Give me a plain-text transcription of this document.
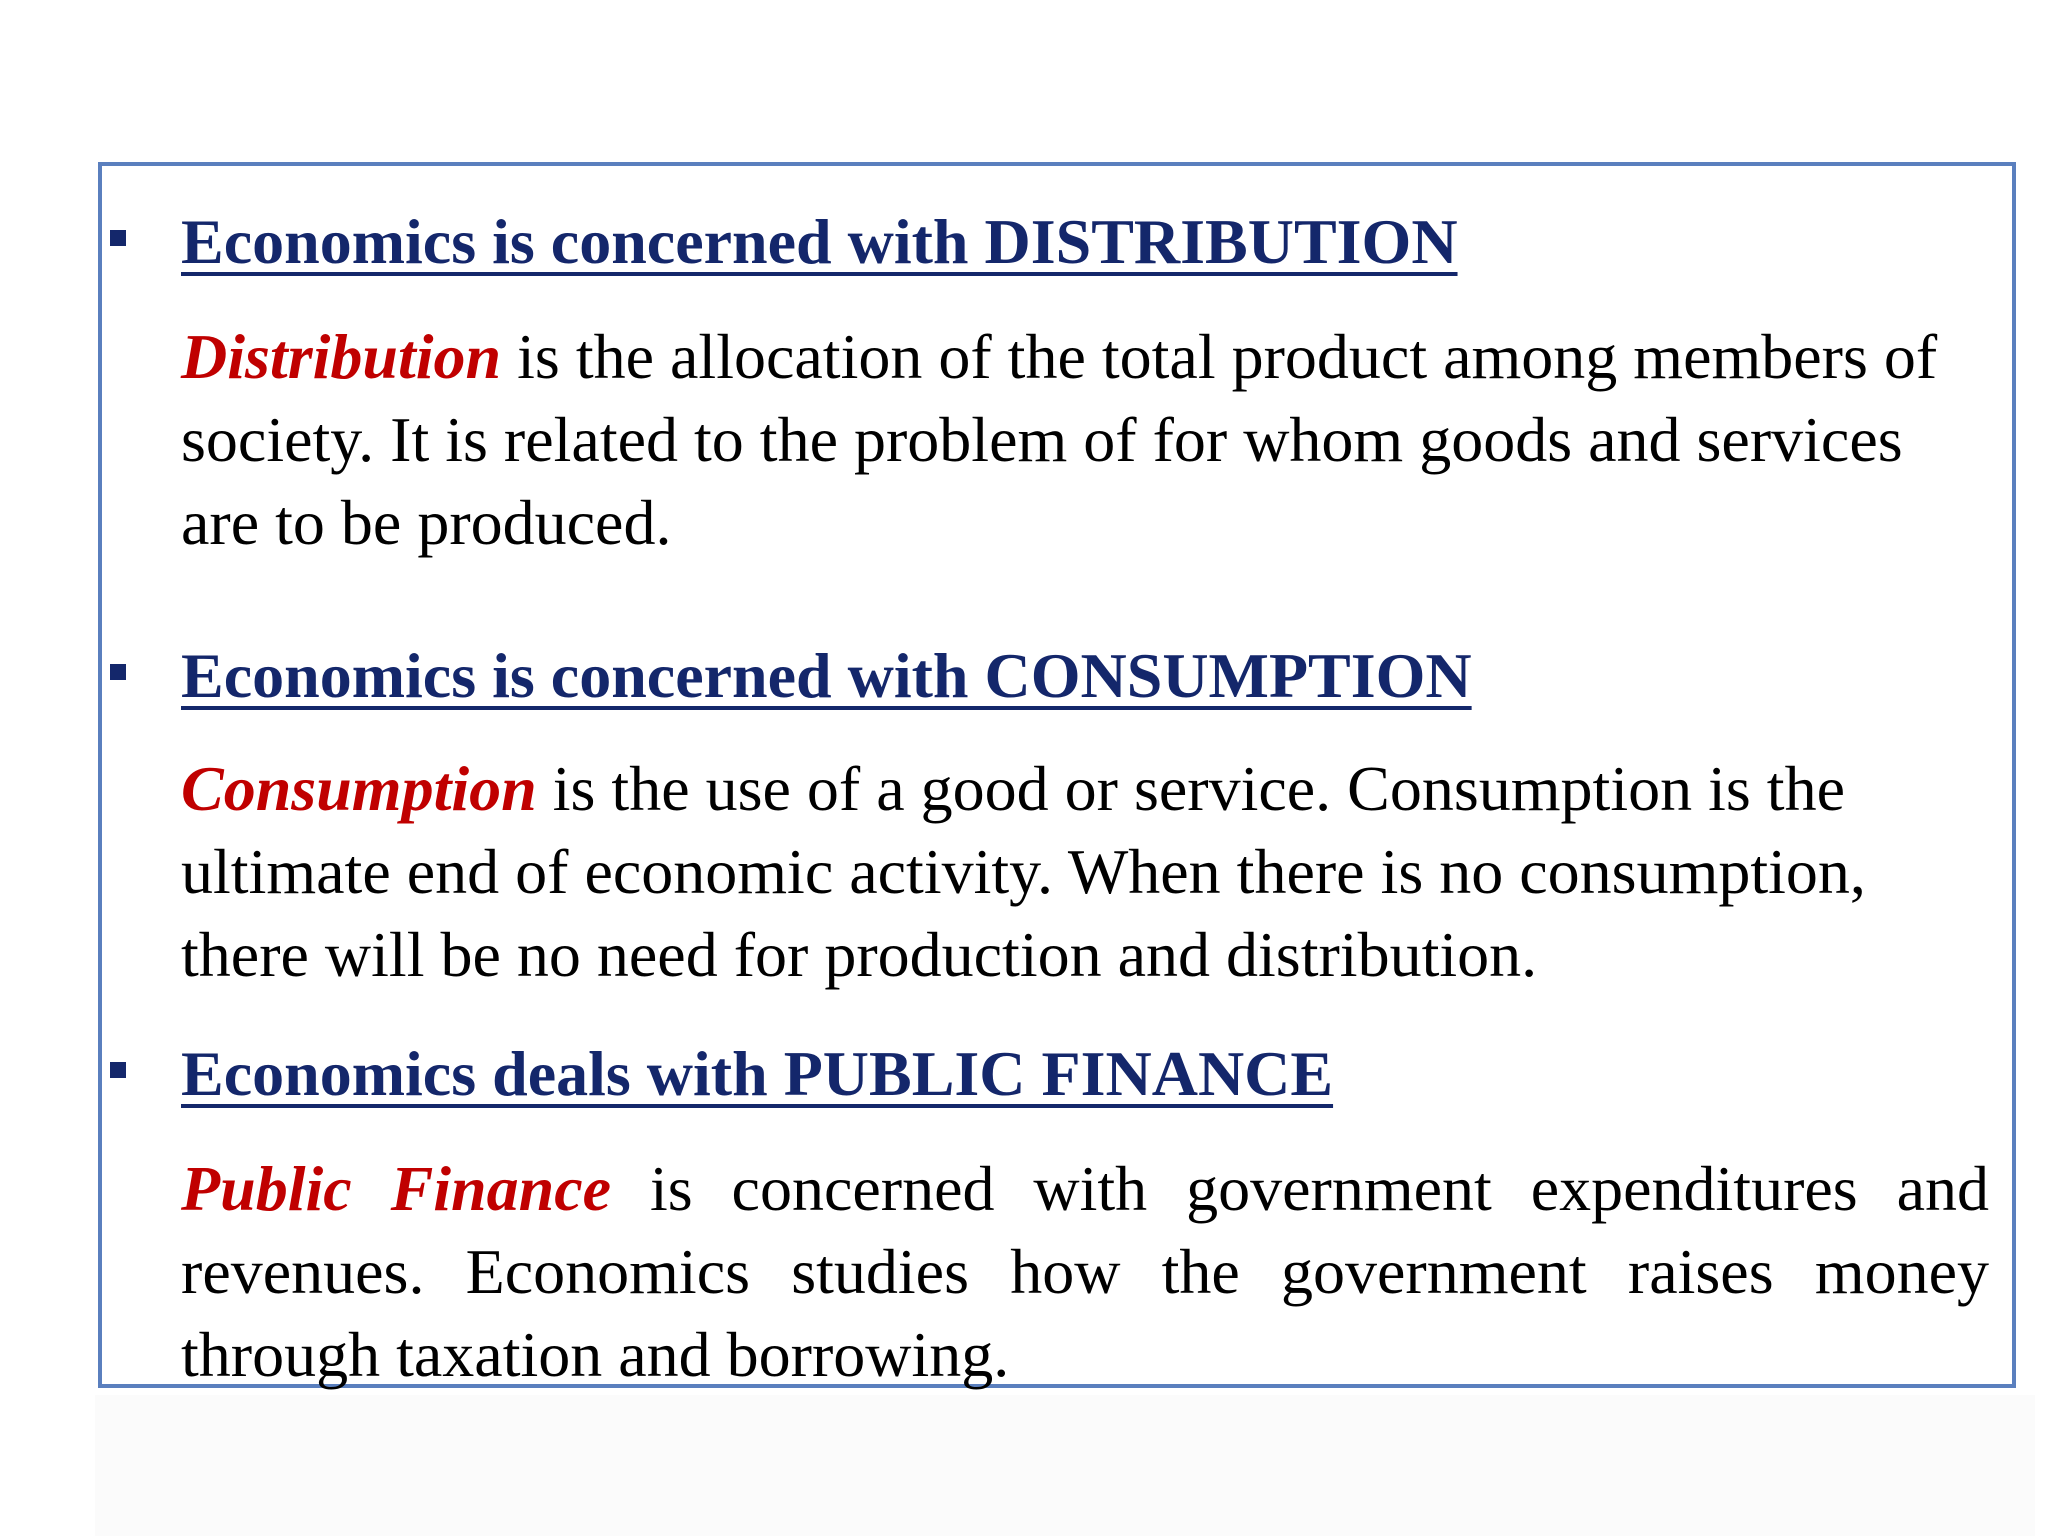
Economics is concerned with DISTRIBUTION

Distribution is the allocation of the total product among members of society. It is related to the problem of for whom goods and services are to be produced.

Economics is concerned with CONSUMPTION

Consumption is the use of a good or service. Consumption is the ultimate end of economic activity. When there is no consumption, there will be no need for production and distribution.

Economics deals with PUBLIC FINANCE

Public Finance is concerned with government expenditures and revenues. Economics studies how the government raises money through taxation and borrowing.
